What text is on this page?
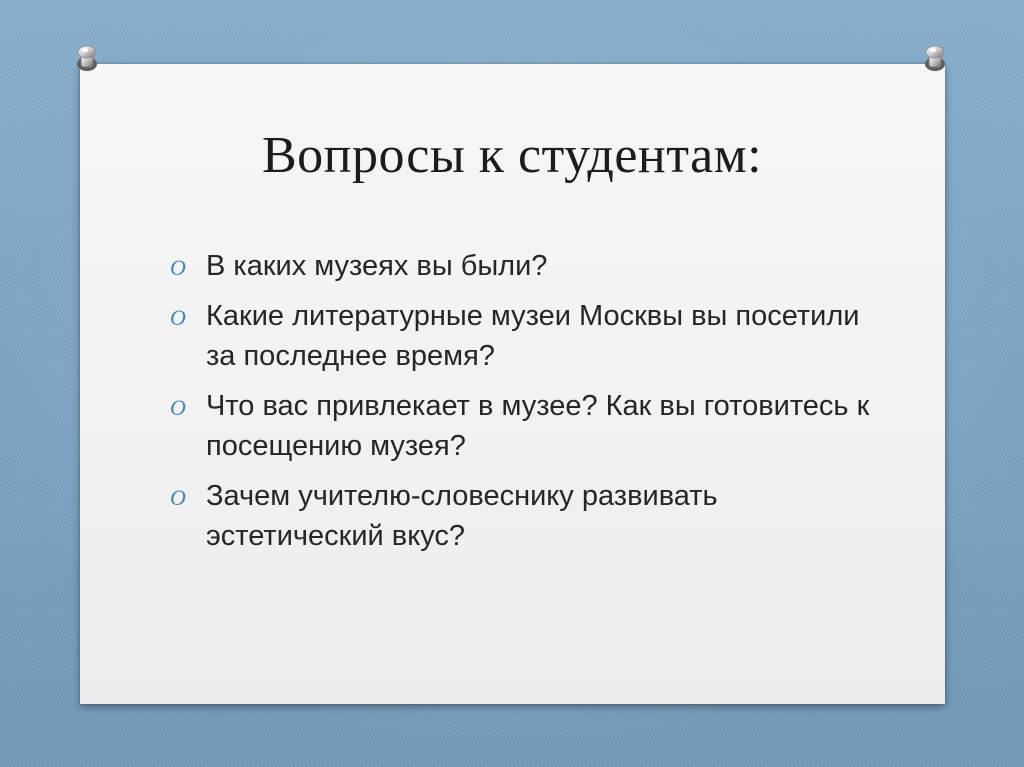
Вопросы к студентам:
O В каких музеях вы были?
O Какие литературные музеи Москвы вы посетили за последнее время?
O Что вас привлекает в музее? Как вы готовитесь к посещению музея?
O Зачем учителю-словеснику развивать эстетический вкус?
